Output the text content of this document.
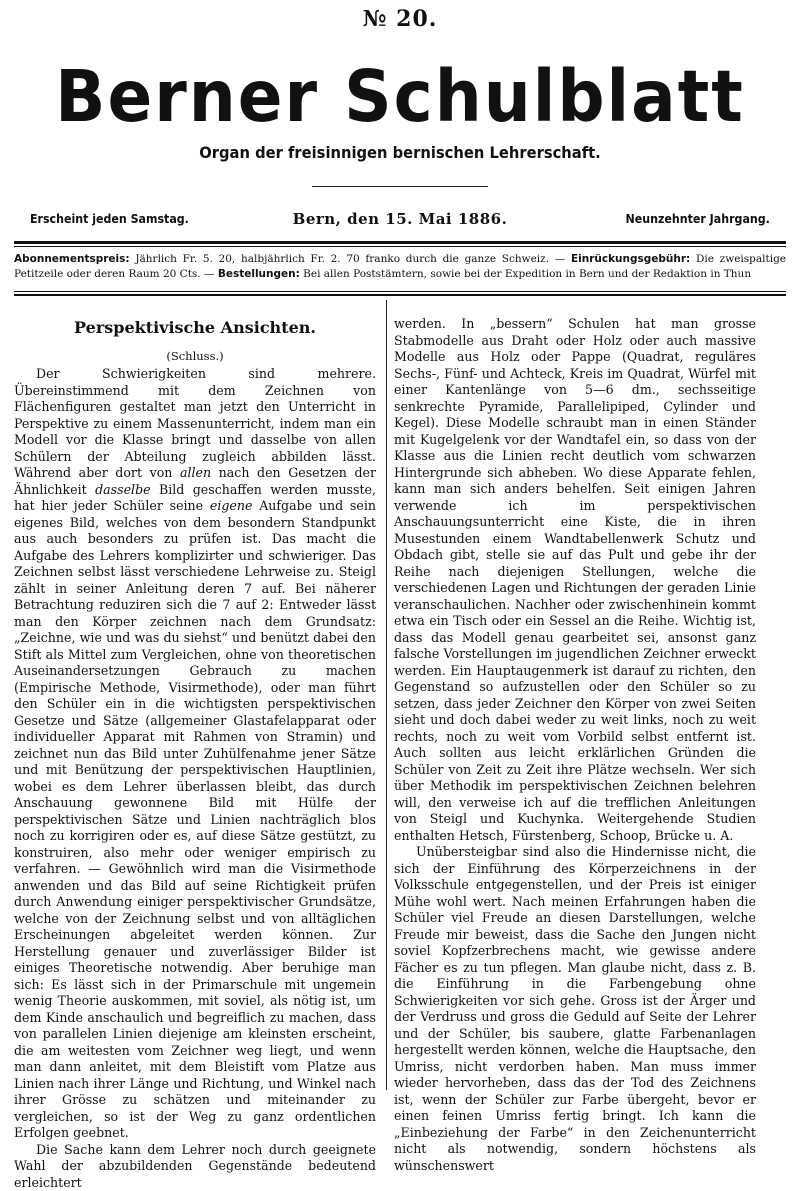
№ 20.
Berner Schulblatt
Organ der freisinnigen bernischen Lehrerschaft.
Bern, den 15. Mai 1886.
Erscheint jeden Samstag.	Neunzehnter Jahrgang.
Abonnementspreis: Jährlich Fr. 5. 20, halbjährlich Fr. 2. 70 franko durch die ganze Schweiz. — Einrückungsgebühr: Die zweispaltige
Petitzeile oder deren Raum 20 Cts. — Bestellungen: Bei allen Poststämtern, sowie bei der Expedition in Bern und der Redaktion in Thun
Perspektivische Ansichten.
(Schluss.)

Der Schwierigkeiten sind mehrere. Übereinstimmend mit dem Zeichnen von Flächenfiguren gestaltet man jetzt den Unterricht in Perspektive zu einem Massenunterricht, indem man ein Modell vor die Klasse bringt und dasselbe von allen Schülern der Abteilung zugleich abbilden lässt. Während aber dort von allen nach den Gesetzen der Ähnlichkeit dasselbe Bild geschaffen werden musste, hat hier jeder Schüler seine eigene Aufgabe und sein eigenes Bild, welches von dem besondern Standpunkt aus auch besonders zu prüfen ist. Das macht die Aufgabe des Lehrers komplizirter und schwieriger. Das Zeichnen selbst lässt verschiedene Lehrweise zu. Steigl zählt in seiner Anleitung deren 7 auf. Bei näherer Betrachtung reduziren sich die 7 auf 2: Entweder lässt man den Körper zeichnen nach dem Grundsatz: „Zeichne, wie und was du siehst“ und benützt dabei den Stift als Mittel zum Vergleichen, ohne von theoretischen Auseinandersetzungen Gebrauch zu machen (Empirische Methode, Visirmethode), oder man führt den Schüler ein in die wichtigsten perspektivischen Gesetze und Sätze (allgemeiner Glastafelapparat oder individueller Apparat mit Rahmen von Stramin) und zeichnet nun das Bild unter Zuhülfenahme jener Sätze und mit Benützung der perspektivischen Hauptlinien, wobei es dem Lehrer überlassen bleibt, das durch Anschauung gewonnene Bild mit Hülfe der perspektivischen Sätze und Linien nachträglich blos noch zu korrigiren oder es, auf diese Sätze gestützt, zu konstruiren, also mehr oder weniger empirisch zu verfahren. — Gewöhnlich wird man die Visirmethode anwenden und das Bild auf seine Richtigkeit prüfen durch Anwendung einiger perspektivischer Grundsätze, welche von der Zeichnung selbst und von alltäglichen Erscheinungen abgeleitet werden können. Zur Herstellung genauer und zuverlässiger Bilder ist einiges Theoretische notwendig. Aber beruhige man sich: Es lässt sich in der Primarschule mit ungemein wenig Theorie auskommen, mit soviel, als nötig ist, um dem Kinde anschaulich und begreiflich zu machen, dass von parallelen Linien diejenige am kleinsten erscheint, die am weitesten vom Zeichner weg liegt, und wenn man dann anleitet, mit dem Bleistift vom Platze aus Linien nach ihrer Länge und Richtung, und Winkel nach ihrer Grösse zu schätzen und miteinander zu vergleichen, so ist der Weg zu ganz ordentlichen Erfolgen geebnet.

Die Sache kann dem Lehrer noch durch geeignete Wahl der abzubildenden Gegenstände bedeutend erleichtert

werden. In „bessern“ Schulen hat man grosse Stabmodelle aus Draht oder Holz oder auch massive Modelle aus Holz oder Pappe (Quadrat, reguläres Sechs-, Fünf- und Achteck, Kreis im Quadrat, Würfel mit einer Kantenlänge von 5—6 dm., sechsseitige senkrechte Pyramide, Parallelipiped, Cylinder und Kegel). Diese Modelle schraubt man in einen Ständer mit Kugelgelenk vor der Wandtafel ein, so dass von der Klasse aus die Linien recht deutlich vom schwarzen Hintergrunde sich abheben. Wo diese Apparate fehlen, kann man sich anders behelfen. Seit einigen Jahren verwende ich im perspektivischen Anschauungsunterricht eine Kiste, die in ihren Musestunden einem Wandtabellenwerk Schutz und Obdach gibt, stelle sie auf das Pult und gebe ihr der Reihe nach diejenigen Stellungen, welche die verschiedenen Lagen und Richtungen der geraden Linie veranschaulichen. Nachher oder zwischenhinein kommt etwa ein Tisch oder ein Sessel an die Reihe. Wichtig ist, dass das Modell genau gearbeitet sei, ansonst ganz falsche Vorstellungen im jugendlichen Zeichner erweckt werden. Ein Hauptaugenmerk ist darauf zu richten, den Gegenstand so aufzustellen oder den Schüler so zu setzen, dass jeder Zeichner den Körper von zwei Seiten sieht und doch dabei weder zu weit links, noch zu weit rechts, noch zu weit vom Vorbild selbst entfernt ist. Auch sollten aus leicht erklärlichen Gründen die Schüler von Zeit zu Zeit ihre Plätze wechseln. Wer sich über Methodik im perspektivischen Zeichnen belehren will, den verweise ich auf die trefflichen Anleitungen von Steigl und Kuchynka. Weitergehende Studien enthalten Hetsch, Fürstenberg, Schoop, Brücke u. A.

Unübersteigbar sind also die Hindernisse nicht, die sich der Einführung des Körperzeichnens in der Volksschule entgegenstellen, und der Preis ist einiger Mühe wohl wert. Nach meinen Erfahrungen haben die Schüler viel Freude an diesen Darstellungen, welche Freude mir beweist, dass die Sache den Jungen nicht soviel Kopfzerbrechens macht, wie gewisse andere Fächer es zu tun pflegen. Man glaube nicht, dass z. B. die Einführung in die Farbengebung ohne Schwierigkeiten vor sich gehe. Gross ist der Ärger und der Verdruss und gross die Geduld auf Seite der Lehrer und der Schüler, bis saubere, glatte Farbenanlagen hergestellt werden können, welche die Hauptsache, den Umriss, nicht verdorben haben. Man muss immer wieder hervorheben, dass das der Tod des Zeichnens ist, wenn der Schüler zur Farbe übergeht, bevor er einen feinen Umriss fertig bringt. Ich kann die „Einbeziehung der Farbe“ in den Zeichenunterricht nicht als notwendig, sondern höchstens als wünschenswert
